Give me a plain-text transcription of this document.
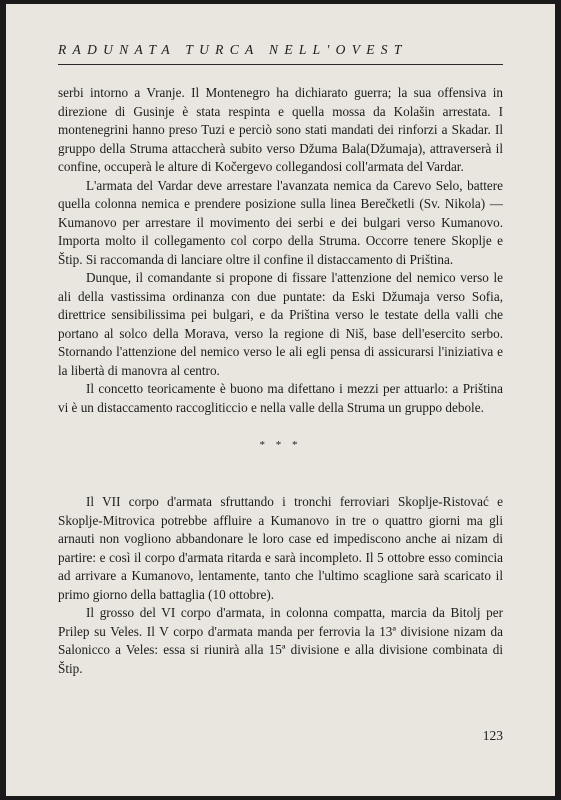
RADUNATA TURCA NELL'OVEST

serbi intorno a Vranje. Il Montenegro ha dichiarato guerra; la sua offensiva in direzione di Gusinje è stata respinta e quella mossa da Kolašin arrestata. I montenegrini hanno preso Tuzi e perciò sono stati mandati dei rinforzi a Skadar. Il gruppo della Struma attaccherà subito verso Džuma Bala(Džumaja), attraverserà il confine, occuperà le alture di Kočergevo collegandosi coll'armata del Vardar.

L'armata del Vardar deve arrestare l'avanzata nemica da Carevo Selo, battere quella colonna nemica e prendere posizione sulla linea Berečketli (Sv. Nikola) — Kumanovo per arrestare il movimento dei serbi e dei bulgari verso Kumanovo. Importa molto il collegamento col corpo della Struma. Occorre tenere Skoplje e Štip. Si raccomanda di lanciare oltre il confine il distaccamento di Priština.

Dunque, il comandante si propone di fissare l'attenzione del nemico verso le ali della vastissima ordinanza con due puntate: da Eski Džumaja verso Sofia, direttrice sensibilissima pei bulgari, e da Priština verso le testate della valli che portano al solco della Morava, verso la regione di Niš, base dell'esercito serbo. Stornando l'attenzione del nemico verso le ali egli pensa di assicurarsi l'iniziativa e la libertà di manovra al centro.

Il concetto teoricamente è buono ma difettano i mezzi per attuarlo: a Priština vi è un distaccamento raccogliticcio e nella valle della Struma un gruppo debole.

* * *

Il VII corpo d'armata sfruttando i tronchi ferroviari Skoplje-Ristovać e Skoplje-Mitrovica potrebbe affluire a Kumanovo in tre o quattro giorni ma gli arnauti non vogliono abbandonare le loro case ed impediscono anche ai nizam di partire: e così il corpo d'armata ritarda e sarà incompleto. Il 5 ottobre esso comincia ad arrivare a Kumanovo, lentamente, tanto che l'ultimo scaglione sarà scaricato il primo giorno della battaglia (10 ottobre).

Il grosso del VI corpo d'armata, in colonna compatta, marcia da Bitolj per Prilep su Veles. Il V corpo d'armata manda per ferrovia la 13ª divisione nizam da Salonicco a Veles: essa si riunirà alla 15ª divisione e alla divisione combinata di Štip.

123
